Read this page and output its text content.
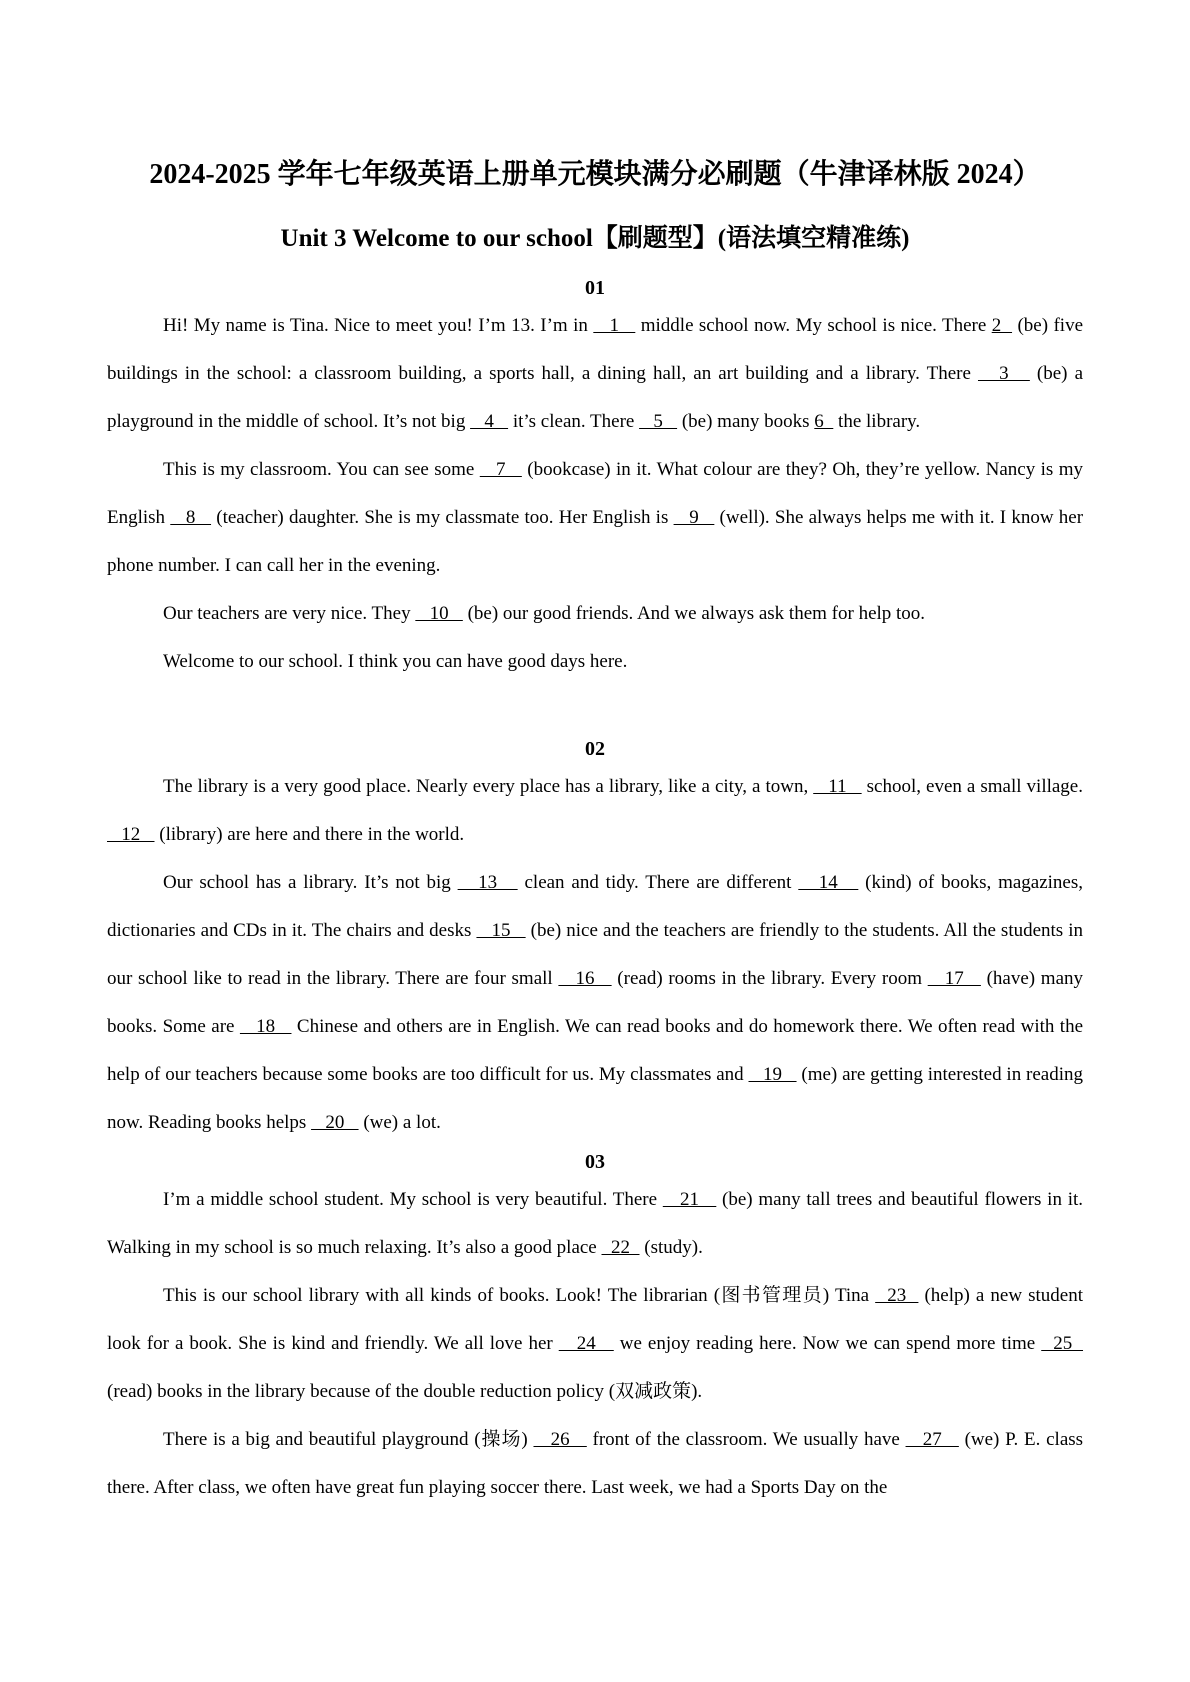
2024-2025 学年七年级英语上册单元模块满分必刷题（牛津译林版 2024）
Unit 3 Welcome to our school【刷题型】(语法填空精准练)
01

Hi! My name is Tina. Nice to meet you! I’m 13. I’m in    1    middle school now. My school is nice. There 2   (be) five buildings in the school: a classroom building, a sports hall, a dining hall, an art building and a library. There    3    (be) a playground in the middle of school. It’s not big    4    it’s clean. There    5    (be) many books 6   the library.

This is my classroom. You can see some    7    (bookcase) in it. What colour are they? Oh, they’re yellow. Nancy is my English    8    (teacher) daughter. She is my classmate too. Her English is    9    (well). She always helps me with it. I know her phone number. I can call her in the evening.

Our teachers are very nice. They    10    (be) our good friends. And we always ask them for help too.

Welcome to our school. I think you can have good days here.

02

The library is a very good place. Nearly every place has a library, like a city, a town,    11    school, even a small village.    12    (library) are here and there in the world.

Our school has a library. It’s not big    13    clean and tidy. There are different    14    (kind) of books, magazines, dictionaries and CDs in it. The chairs and desks    15    (be) nice and the teachers are friendly to the students. All the students in our school like to read in the library. There are four small    16    (read) rooms in the library. Every room    17    (have) many books. Some are    18    Chinese and others are in English. We can read books and do homework there. We often read with the help of our teachers because some books are too difficult for us. My classmates and    19    (me) are getting interested in reading now. Reading books helps    20    (we) a lot.

03

I’m a middle school student. My school is very beautiful. There    21    (be) many tall trees and beautiful flowers in it. Walking in my school is so much relaxing. It’s also a good place   22   (study).

This is our school library with all kinds of books. Look! The librarian (图书管理员) Tina   23   (help) a new student look for a book. She is kind and friendly. We all love her    24    we enjoy reading here. Now we can spend more time   25   (read) books in the library because of the double reduction policy (双减政策).

There is a big and beautiful playground (操场)    26    front of the classroom. We usually have    27    (we) P. E. class there. After class, we often have great fun playing soccer there. Last week, we had a Sports Day on the
